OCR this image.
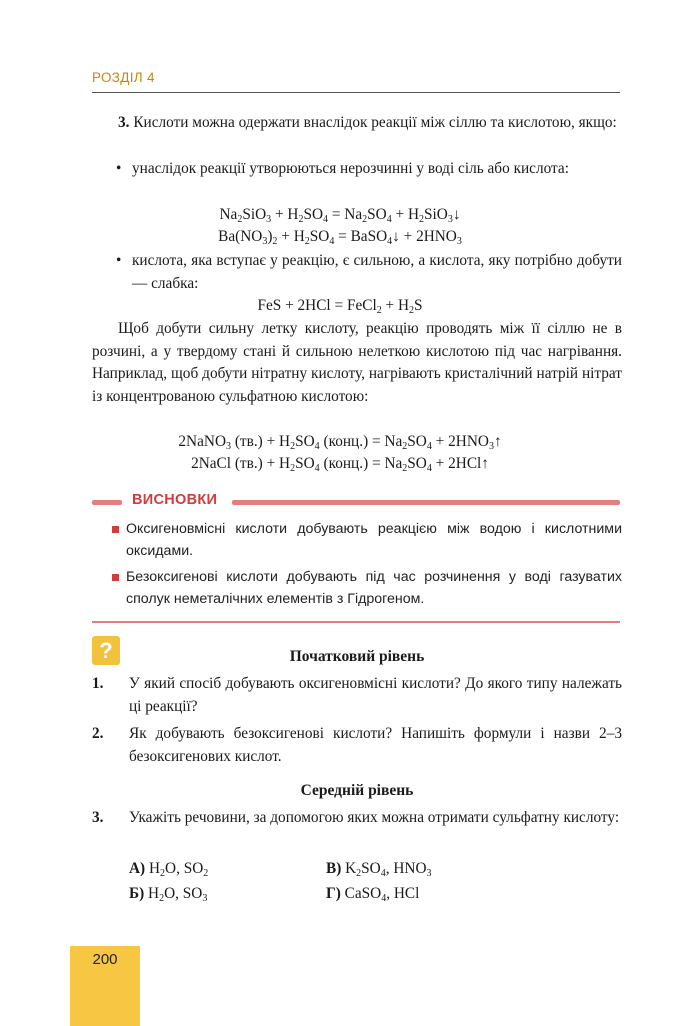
РОЗДІЛ 4
3. Кислоти можна одержати внаслідок реакції між сіллю та кислотою, якщо:
• унаслідок реакції утворюються нерозчинні у воді сіль або кислота:
$Na_2SiO_3 + H_2SO_4 = Na_2SO_4$ + $H_2SiO_3↓$
$Ba(NO_3)_2 + H_2SO_4$ = BaSO$_4$↓ + $2HNO_3$
• кислота, яка вступає у реакцію, є сильною, а кислота, яку потрібно добути — слабка:
FeS + 2HCl = FeCl$_2$ + $H_2S$
Щоб добути сильну летку кислоту, реакцію проводять між її сіллю не в розчині, а у твердому стані й сильною нелеткою кислотою під час нагрівання. Наприклад, щоб добути нітратну кислоту, нагрівають кристалічний натрій нітрат із концентрованою сульфатною кислотою:
2NaNO$_3$ $(тв.) + H_2SO_4$ (конц.) = $Na_2SO_4$ + $2HNO_3↑$
2NaCl $(тв.) + H_2SO_4$ (конц.) = $Na_2SO_4$ + 2HCl↑
ВИСНОВКИ
Оксигеновмісні кислоти добувають реакцією між водою і кислотними оксидами.
Безоксигенові кислоти добувають під час розчинення у воді газуватих сполук неметалічних елементів з Гідрогеном.
?	Початковий рівень
1.	У який спосіб добувають оксигеновмісні кислоти? До якого типу належать ці реакції?
2.	Як добувають безоксигенові кислоти? Напишіть формули і назви 2–3 безоксигенових кислот.
Середній рівень
3.	Укажіть речовини, за допомогою яких можна отримати сульфатну кислоту:
А) $H_2O$, $SO_2$
Б) $H_2O$, $SO_3$
В) $K_2SO_4$, $HNO_3$
Г) CaSO$_4$, HCl
200
